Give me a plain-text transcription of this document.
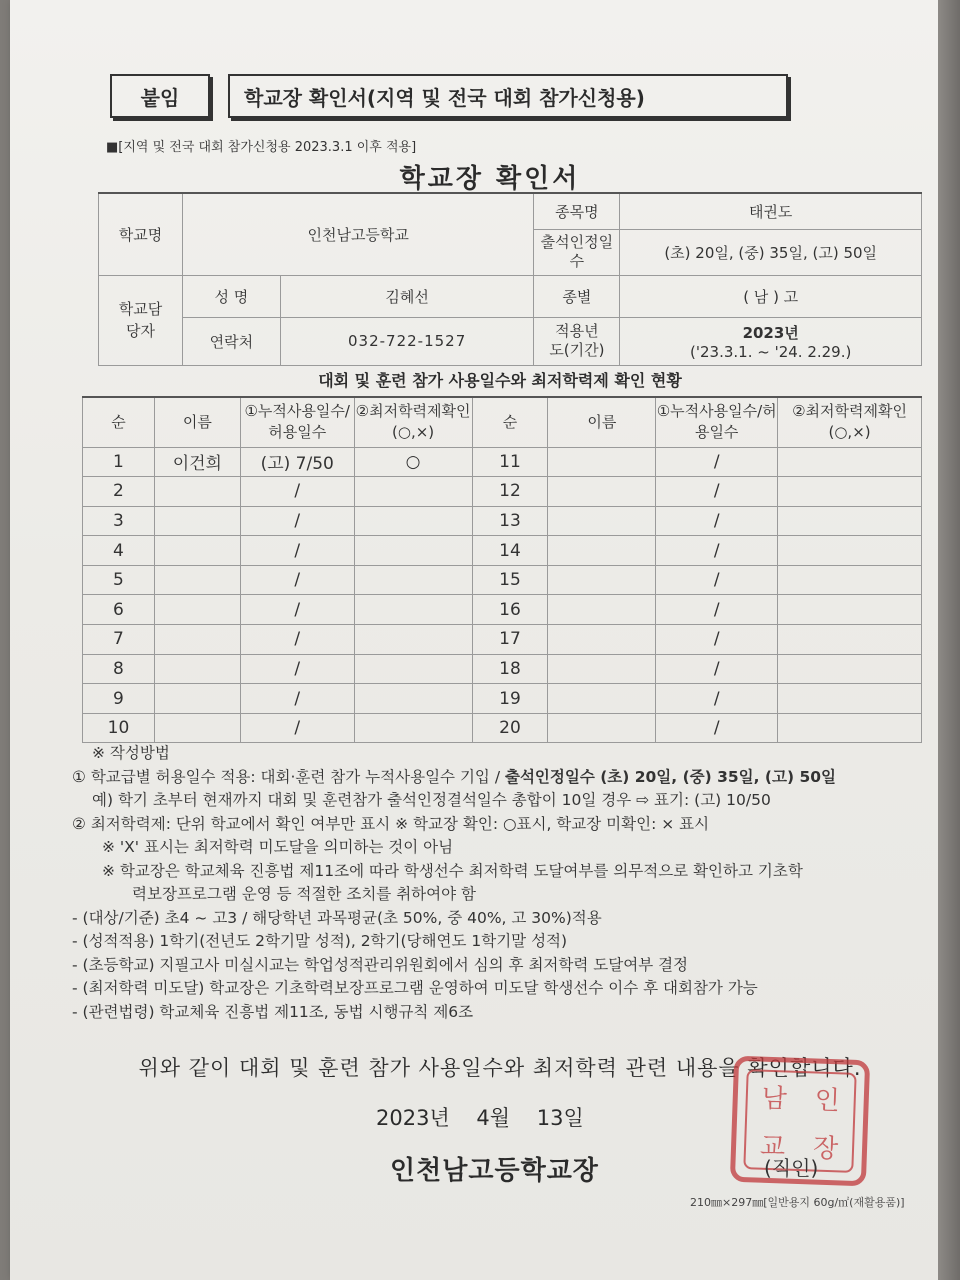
붙임	학교장 확인서(지역 및 전국 대회 참가신청용)
■[지역 및 전국 대회 참가신청용 2023.3.1 이후 적용]
학교장 확인서
학교명	인천남고등학교		종목명	태권도
			출석인정일수	(초) 20일, (중) 35일, (고) 50일
학교담당자	성 명	김혜선	종별	( 남 ) 고
	연락처	032-722-1527	적용년도(기간)	2023년
('23.3.1. ~ '24. 2.29.)
대회 및 훈련 참가 사용일수와 최저학력제 확인 현황
순	이름	①누적사용일수/허용일수	②최저학력제확인(○,×)	순	이름	①누적사용일수/허용일수	②최저학력제확인(○,×)
1	이건희	(고) 7/50	○	11		/	
2		/		12		/	
3		/		13		/	
4		/		14		/	
5		/		15		/	
6		/		16		/	
7		/		17		/	
8		/		18		/	
9		/		19		/	
10		/		20		/	
※ 작성방법
① 학교급별 허용일수 적용: 대회·훈련 참가 누적사용일수 기입 / 출석인정일수 (초) 20일, (중) 35일, (고) 50일
예) 학기 초부터 현재까지 대회 및 훈련참가 출석인정결석일수 총합이 10일 경우 ⇨ 표기: (고) 10/50
② 최저학력제: 단위 학교에서 확인 여부만 표시 ※ 학교장 확인: ○표시, 학교장 미확인: × 표시
※ 'X' 표시는 최저학력 미도달을 의미하는 것이 아님
※ 학교장은 학교체육 진흥법 제11조에 따라 학생선수 최저학력 도달여부를 의무적으로 확인하고 기초학
력보장프로그램 운영 등 적절한 조치를 취하여야 함
- (대상/기준) 초4 ~ 고3 / 해당학년 과목평균(초 50%, 중 40%, 고 30%)적용
- (성적적용) 1학기(전년도 2학기말 성적), 2학기(당해연도 1학기말 성적)
- (초등학교) 지필고사 미실시교는 학업성적관리위원회에서 심의 후 최저학력 도달여부 결정
- (최저학력 미도달) 학교장은 기초학력보장프로그램 운영하여 미도달 학생선수 이수 후 대회참가 가능
- (관련법령) 학교체육 진흥법 제11조, 동법 시행규칙 제6조
위와 같이 대회 및 훈련 참가 사용일수와 최저학력 관련 내용을 확인합니다.
2023년 4월 13일
남	인
교	장
인천남고등학교장	(직인)
210㎜×297㎜[일반용지 60g/㎡(재활용품)]
